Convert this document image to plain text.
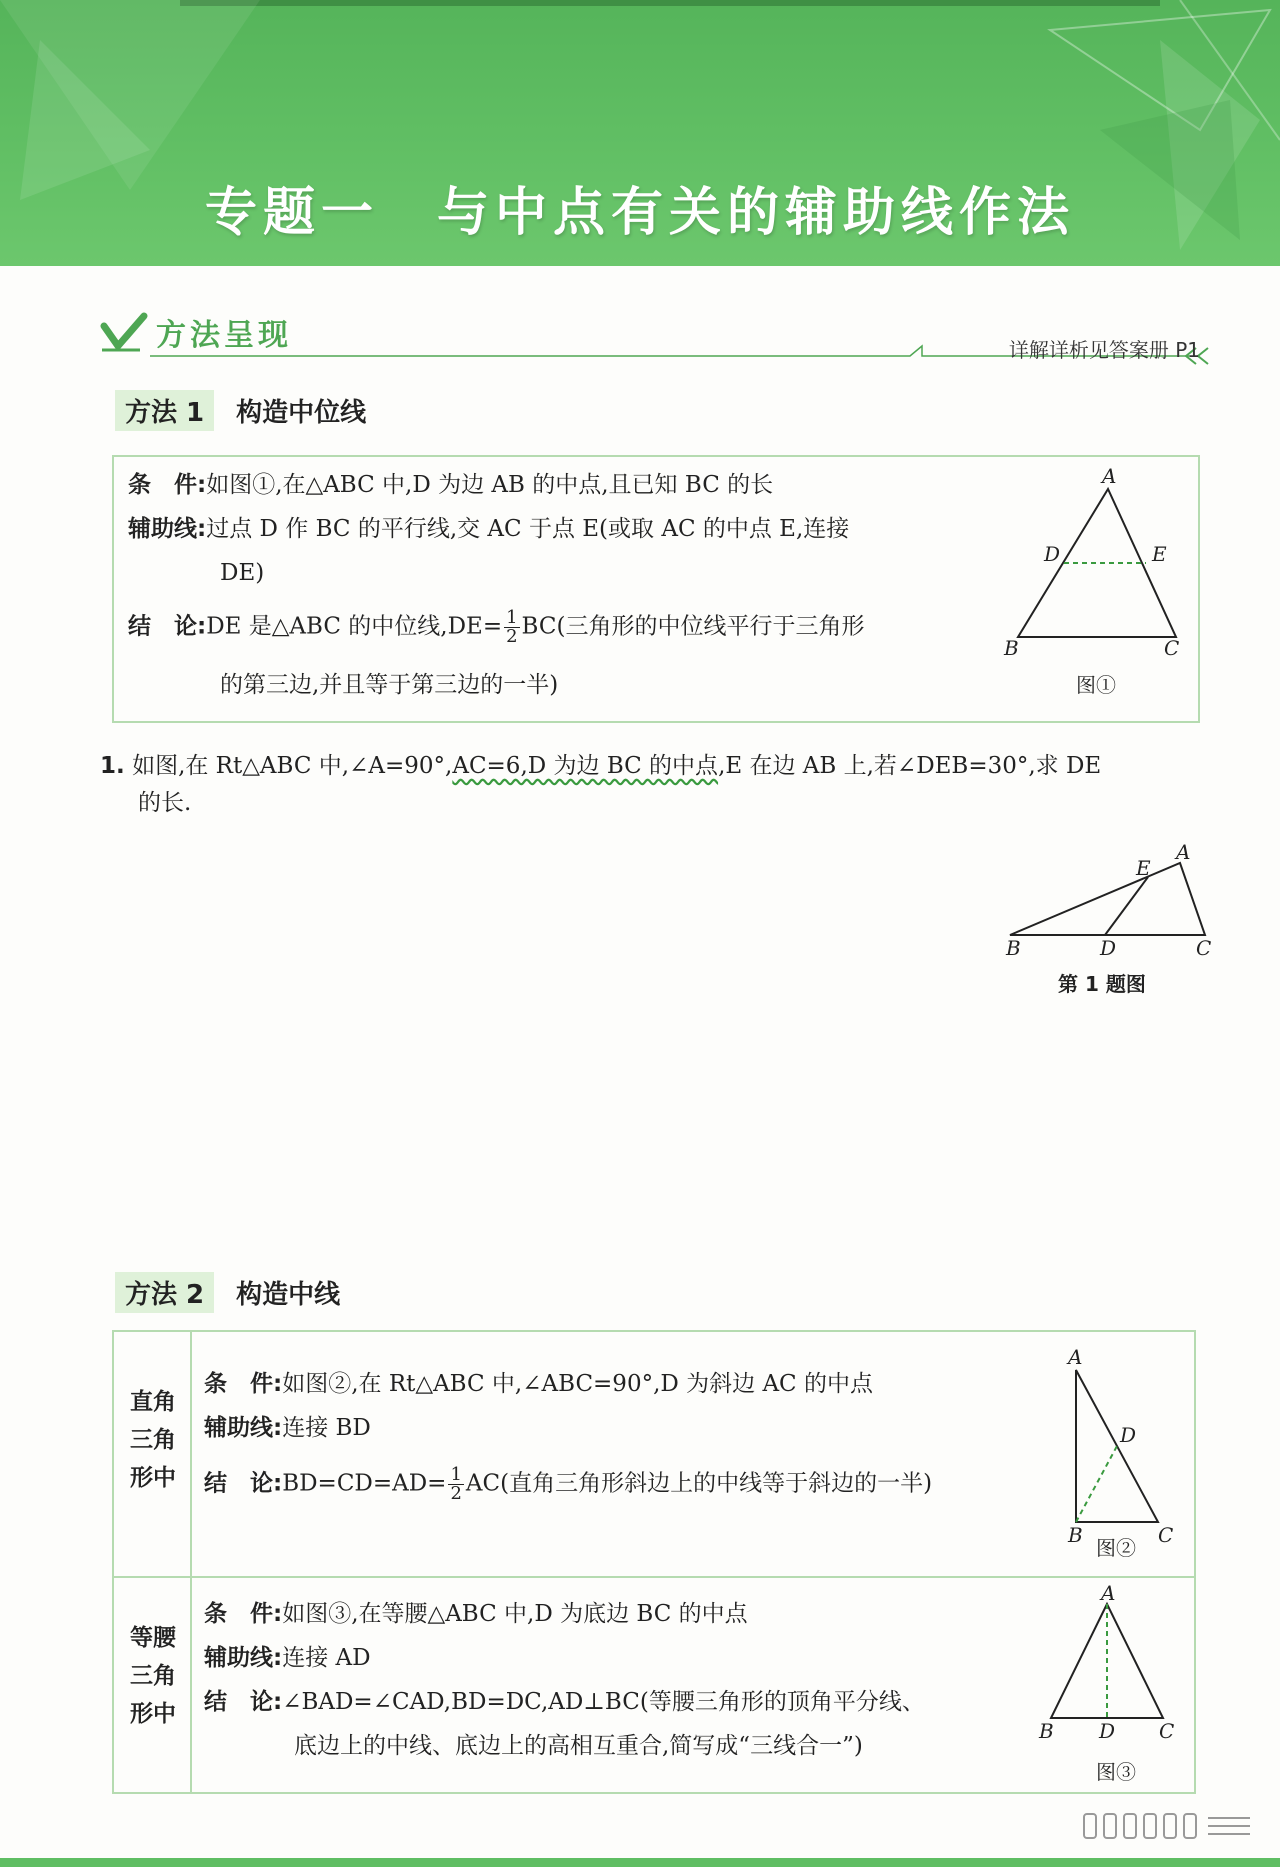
专题一　与中点有关的辅助线作法
方法呈现	详解详析见答案册 P1
方法 1 构造中位线
条　件:如图①,在△ABC 中,D 为边 AB 的中点,且已知 BC 的长
辅助线:过点 D 作 BC 的平行线,交 AC 于点 E(或取 AC 的中点 E,连接
DE)
结　论:DE 是△ABC 的中位线$,DE= \frac{1}{2} BC$(三角形的中位线平行于三角形
的第三边,并且等于第三边的一半)
A
B	C
D	E
图①
1. 如图,在 Rt△ABC 中,∠A=90°,AC=6,D 为边 BC 的中点,E 在边 AB 上,若∠DEB=30°,求 DE
的长.
A
B	C
D
E
第 1 题图
方法 2 构造中线
直角
三角
形中
条　件:如图②,在 Rt△ABC 中,∠ABC=90°,D 为斜边 AC 的中点
辅助线:连接 BD
结　论:BD=CD=AD= $\frac{1}{2} AC$(直角三角形斜边上的中线等于斜边的一半)
A
B	C
D
图②
等腰
三角
形中
条　件:如图③,在等腰△ABC 中,D 为底边 BC 的中点
辅助线:连接 AD
结　论:∠BAD=∠CAD,BD=DC,AD⊥BC(等腰三角形的顶角平分线、
底边上的中线、底边上的高相互重合,简写成“三线合一”)
A
B	C
D
图③
